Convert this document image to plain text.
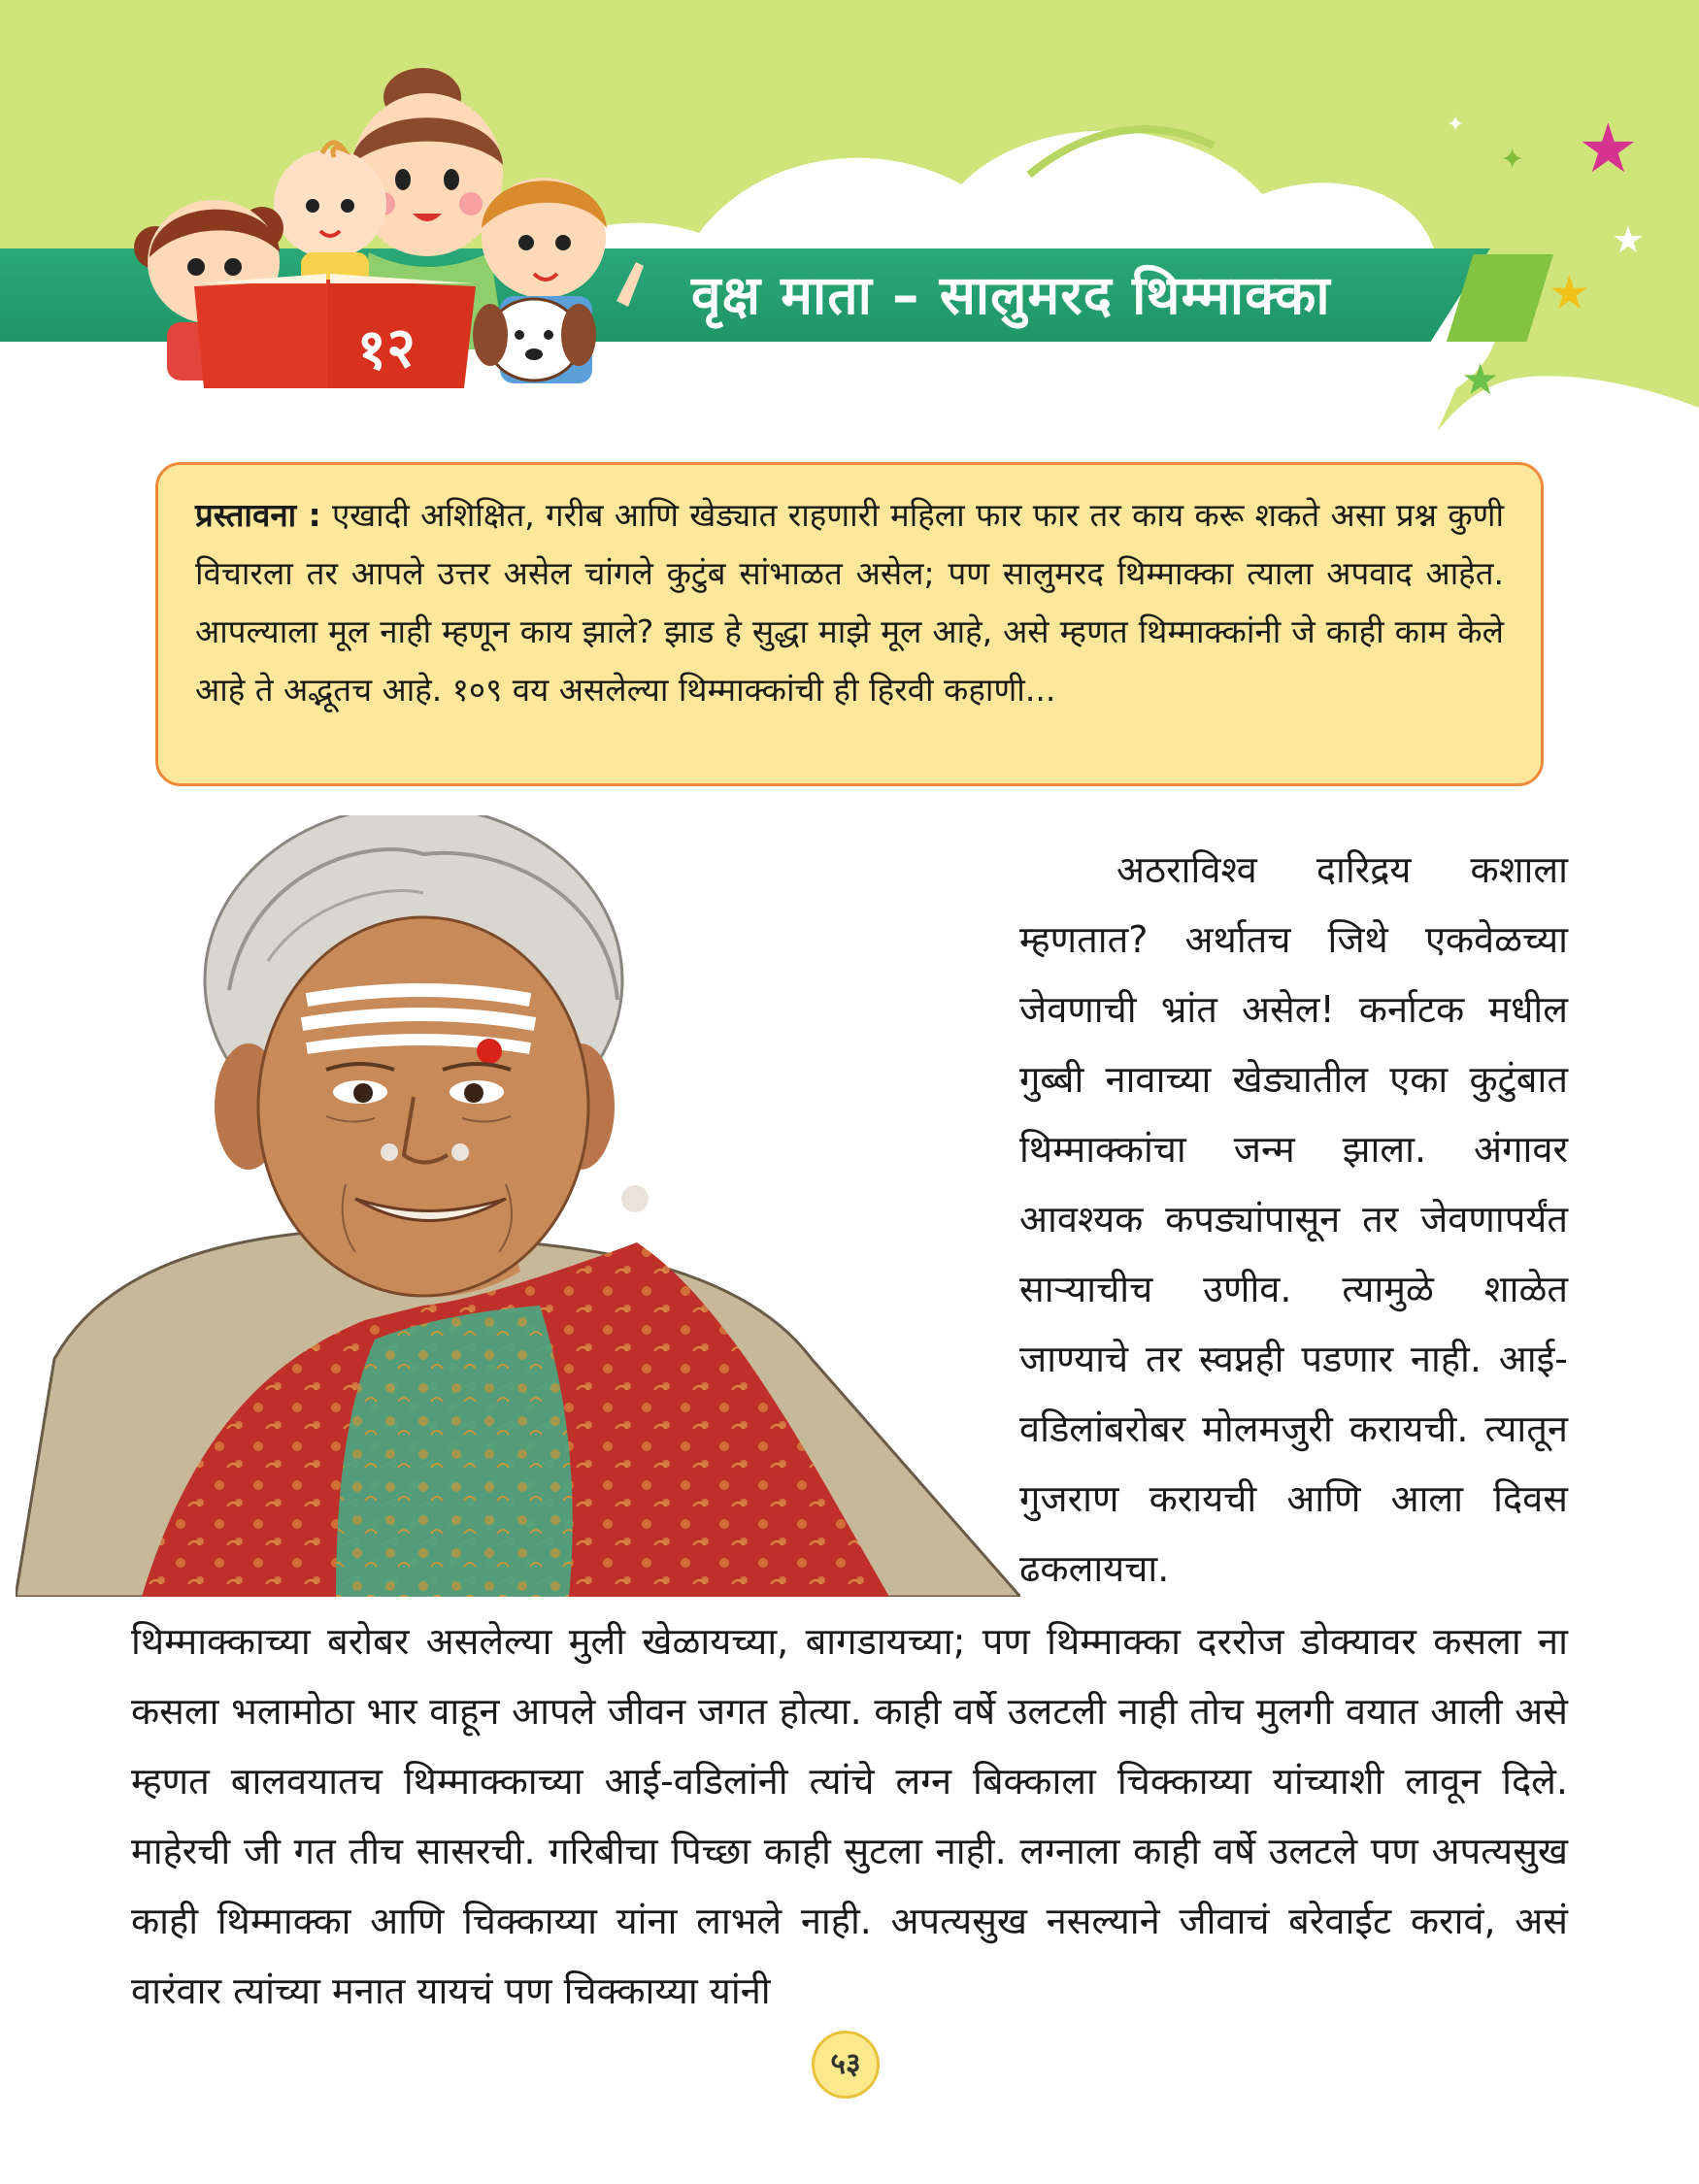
★
★
✦
✦
★
★
१२
वृक्ष माता – सालुमरद थिम्माक्का

प्रस्तावना : एखादी अशिक्षित, गरीब आणि खेड्यात राहणारी महिला फार फार तर काय करू शकते असा प्रश्न कुणी विचारला तर आपले उत्तर असेल चांगले कुटुंब सांभाळत असेल; पण सालुमरद थिम्माक्का त्याला अपवाद आहेत. आपल्याला मूल नाही म्हणून काय झाले? झाड हे सुद्धा माझे मूल आहे, असे म्हणत थिम्माक्कांनी जे काही काम केले आहे ते अद्भूतच आहे. १०९ वय असलेल्या थिम्माक्कांची ही हिरवी कहाणी...

अठराविश्व दारिद्रय कशाला म्हणतात? अर्थातच जिथे एकवेळच्या जेवणाची भ्रांत असेल! कर्नाटक मधील गुब्बी नावाच्या खेड्यातील एका कुटुंबात थिम्माक्कांचा जन्म झाला. अंगावर आवश्यक कपड्यांपासून तर जेवणापर्यंत साऱ्याचीच उणीव. त्यामुळे शाळेत जाण्याचे तर स्वप्नही पडणार नाही. आई-वडिलांबरोबर मोलमजुरी करायची. त्यातून गुजराण करायची आणि आला दिवस ढकलायचा.

थिम्माक्काच्या बरोबर असलेल्या मुली खेळायच्या, बागडायच्या; पण थिम्माक्का दररोज डोक्यावर कसला ना कसला भलामोठा भार वाहून आपले जीवन जगत होत्या. काही वर्षे उलटली नाही तोच मुलगी वयात आली असे म्हणत बालवयातच थिम्माक्काच्या आई-वडिलांनी त्यांचे लग्न बिक्काला चिक्काय्या यांच्याशी लावून दिले. माहेरची जी गत तीच सासरची. गरिबीचा पिच्छा काही सुटला नाही. लग्नाला काही वर्षे उलटले पण अपत्यसुख काही थिम्माक्का आणि चिक्काय्या यांना लाभले नाही. अपत्यसुख नसल्याने जीवाचं बरेवाईट करावं, असं वारंवार त्यांच्या मनात यायचं पण चिक्काय्या यांनी

५३
